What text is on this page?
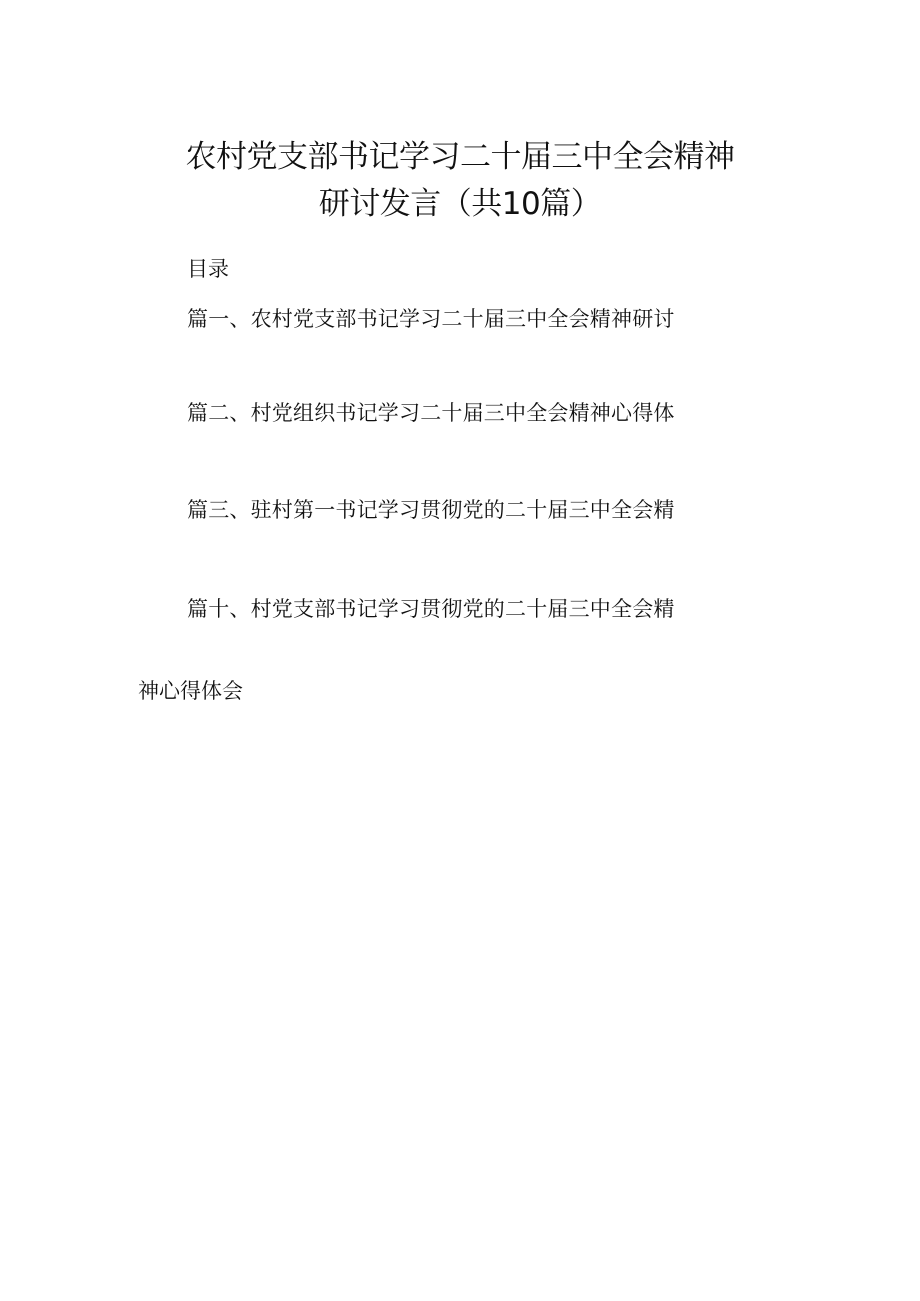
农村党支部书记学习二十届三中全会精神
研讨发言（共10篇）
目录
篇一、农村党支部书记学习二十届三中全会精神研讨
篇二、村党组织书记学习二十届三中全会精神心得体
篇三、驻村第一书记学习贯彻党的二十届三中全会精
篇十、村党支部书记学习贯彻党的二十届三中全会精
神心得体会
